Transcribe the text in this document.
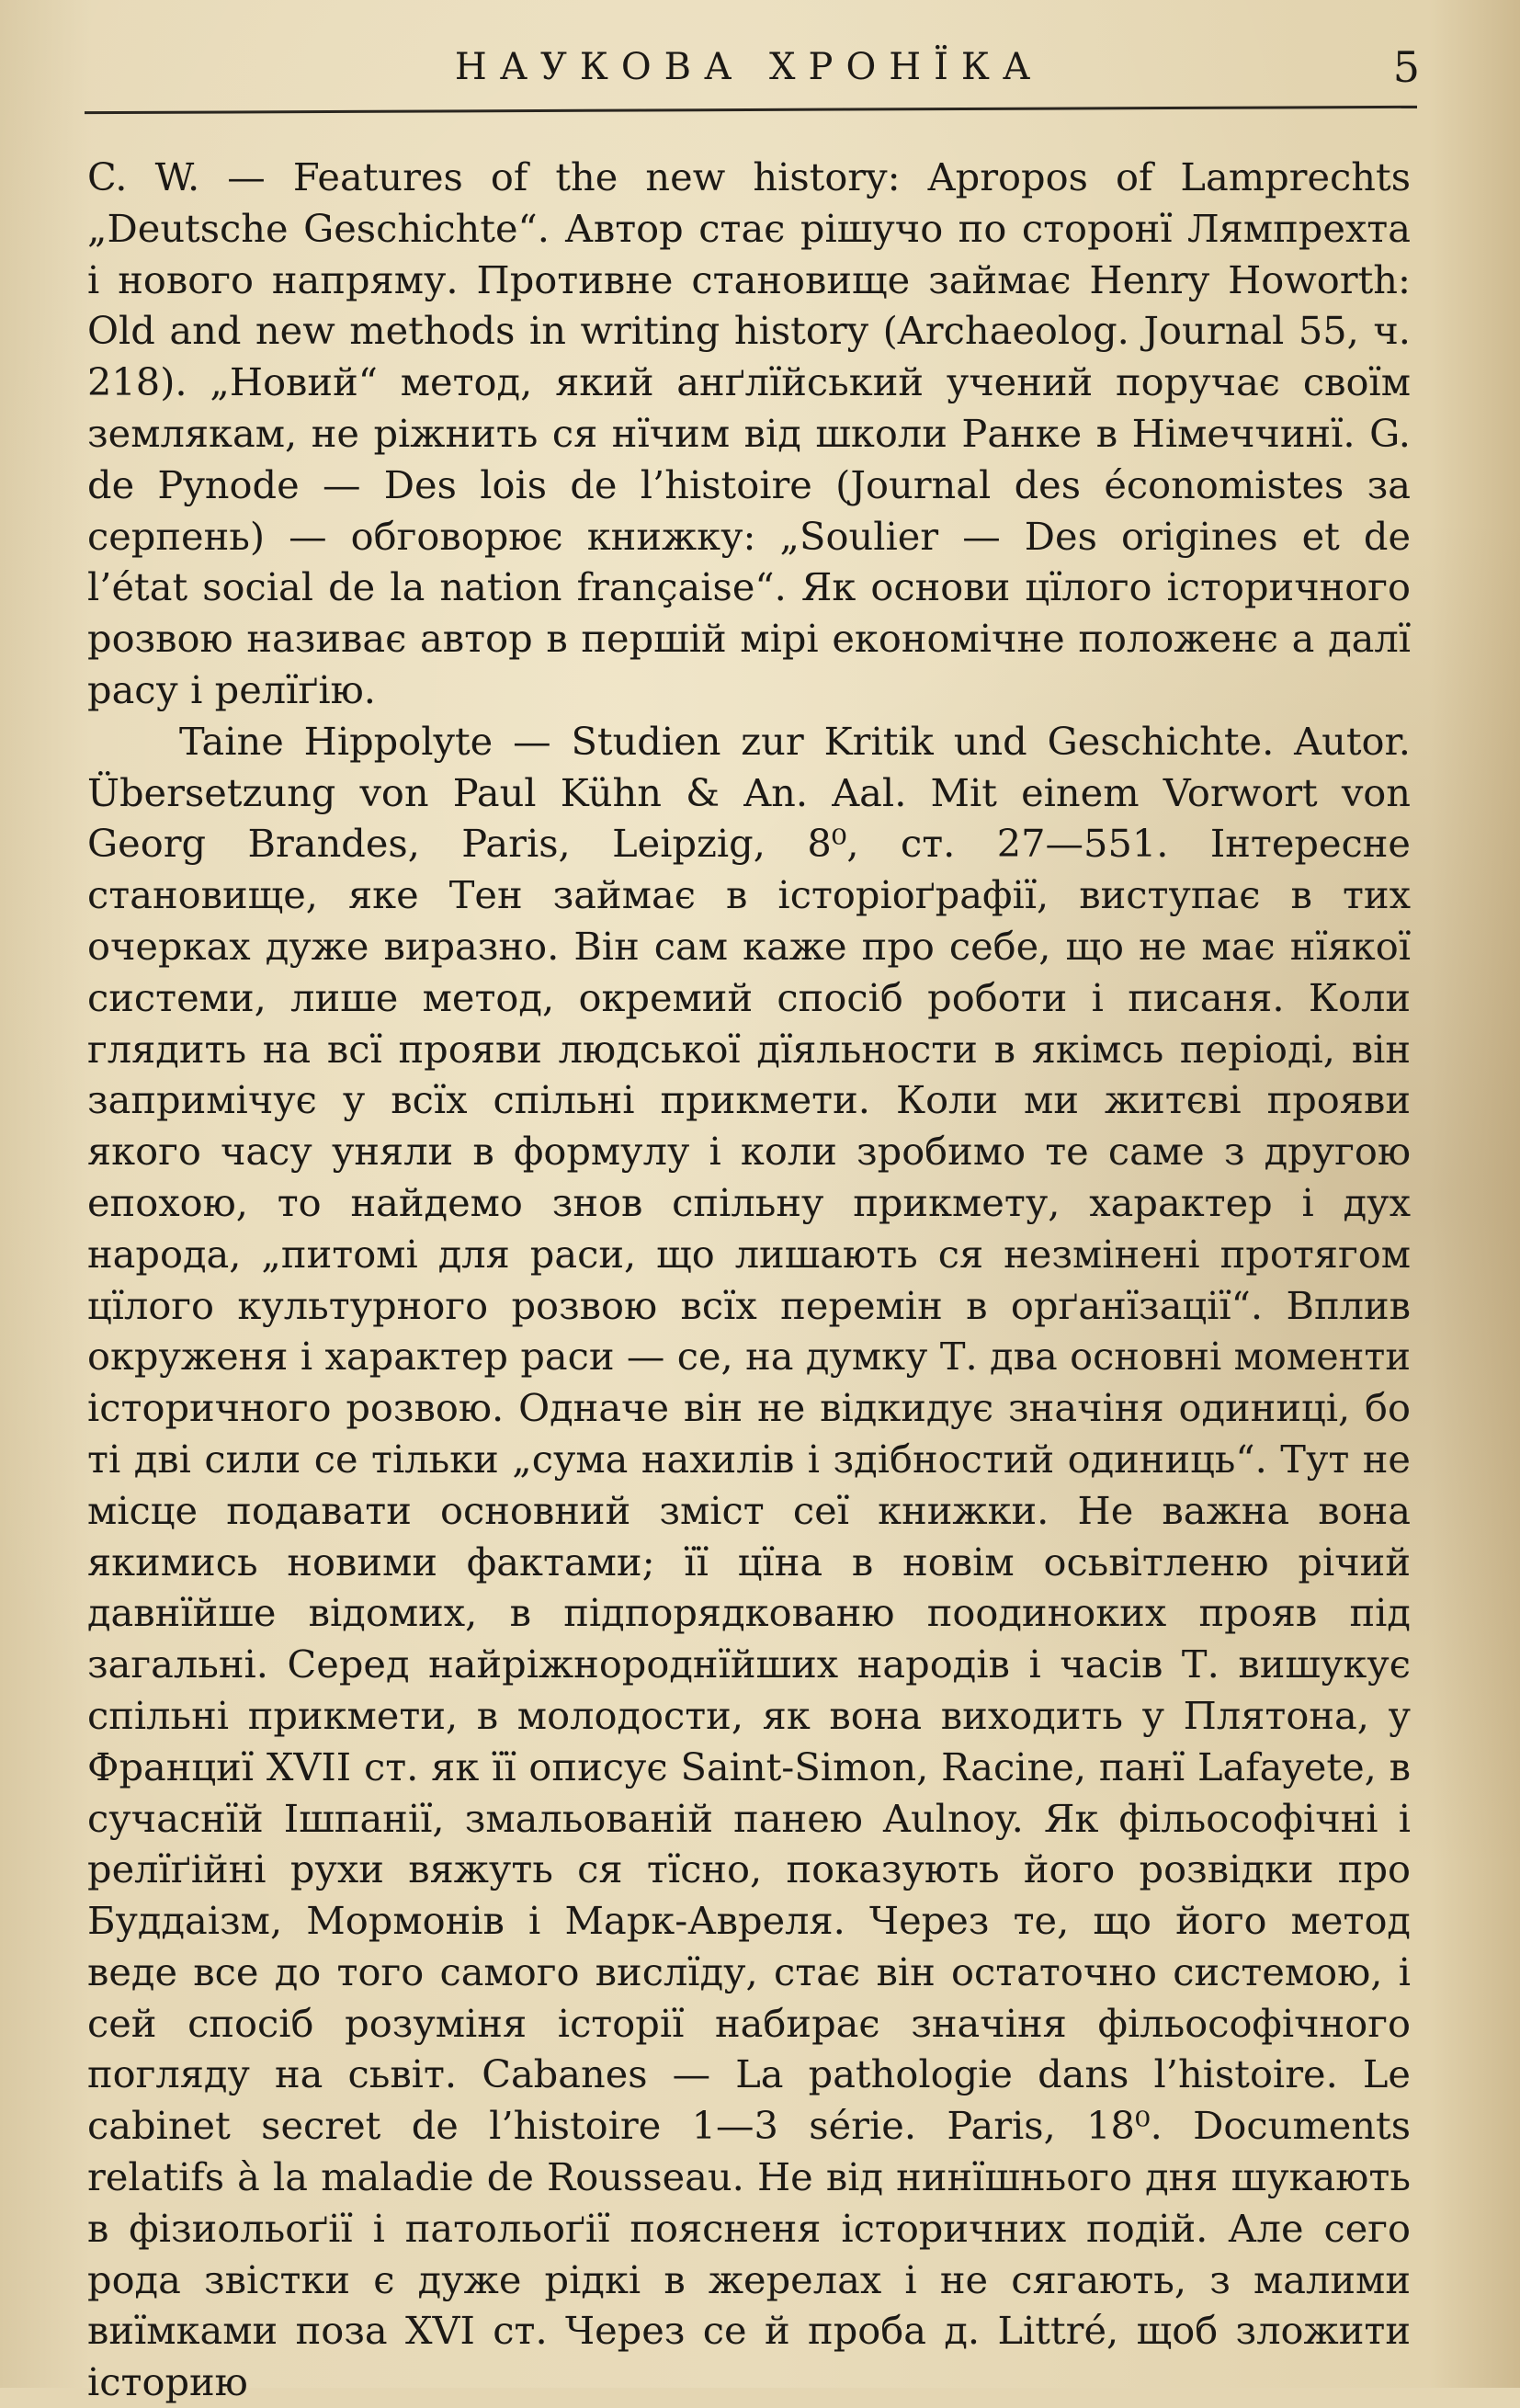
НАУКОВА ХРОНЇКА	5

C. W. — Features of the new history: Apropos of Lamprechts „Deutsche Geschichte“. Автор стає рішучо по сторонї Лямпрехта і нового напряму. Противне становище займає Henry Howorth: Old and new methods in writing history (Archaeolog. Journal 55, ч. 218). „Новий“ метод, який анґлїйський учений поручає своїм землякам, не ріжнить ся нїчим від школи Ранке в Німеччинї. G. de Pynode — Des lois de l’histoire (Journal des économistes за серпень) — обговорює книжку: „Soulier — Des origines et de l’état social de la nation française“. Як основи цїлого історичного розвою називає автор в першій мірі економічне положенє а далї расу і релїґію.

Taine Hippolyte — Studien zur Kritik und Geschichte. Autor. Übersetzung von Paul Kühn & An. Aal. Mit einem Vorwort von Georg Brandes, Paris, Leipzig, 8⁰, ст. 27—551. Інтересне становище, яке Тен займає в історіоґрафії, виступає в тих очерках дуже виразно. Він сам каже про себе, що не має нїякої системи, лише метод, окремий спосіб роботи і писаня. Коли глядить на всї прояви людської дїяльности в якімсь періоді, він запримічує у всїх спільні прикмети. Коли ми житєві прояви якого часу уняли в формулу і коли зробимо те саме з другою епохою, то найдемо знов спільну прикмету, характер і дух народа, „питомі для раси, що лишають ся незмінені протягом цїлого культурного розвою всїх перемін в орґанїзації“. Вплив окруженя і характер раси — се, на думку Т. два основні моменти історичного розвою. Одначе він не відкидує значіня одиниці, бо ті дві сили се тільки „сума нахилів і здібностий одиниць“. Тут не місце подавати основний зміст сеї книжки. Не важна вона якимись новими фактами; її цїна в новім осьвітленю річий давнїйше відомих, в підпорядкованю поодиноких прояв під загальні. Серед найріжнороднїйших народів і часів Т. вишукує спільні прикмети, в молодости, як вона виходить у Плятона, у Франциї XVII ст. як її описує Saint-Simon, Racine, панї Lafayete, в сучаснїй Ішпанії, змальованій панею Aulnoy. Як фільософічні і релїґійні рухи вяжуть ся тїсно, показують його розвідки про Буддаізм, Мормонів і Марк-Авреля. Через те, що його метод веде все до того самого вислїду, стає він остаточно системою, і сей спосіб розуміня історії набирає значіня фільософічного погляду на сьвіт. Cabanes — La pathologie dans l’histoire. Le cabinet secret de l’histoire 1—3 série. Paris, 18⁰. Documents relatifs à la maladie de Rousseau. Не від нинїшнього дня шукають в фізиольоґії і патольоґії поясненя історичних подій. Але сего рода звістки є дуже рідкі в жерелах і не сягають, з малими виїмками поза XVI ст. Через се й проба д. Littré, щоб зложити історию
